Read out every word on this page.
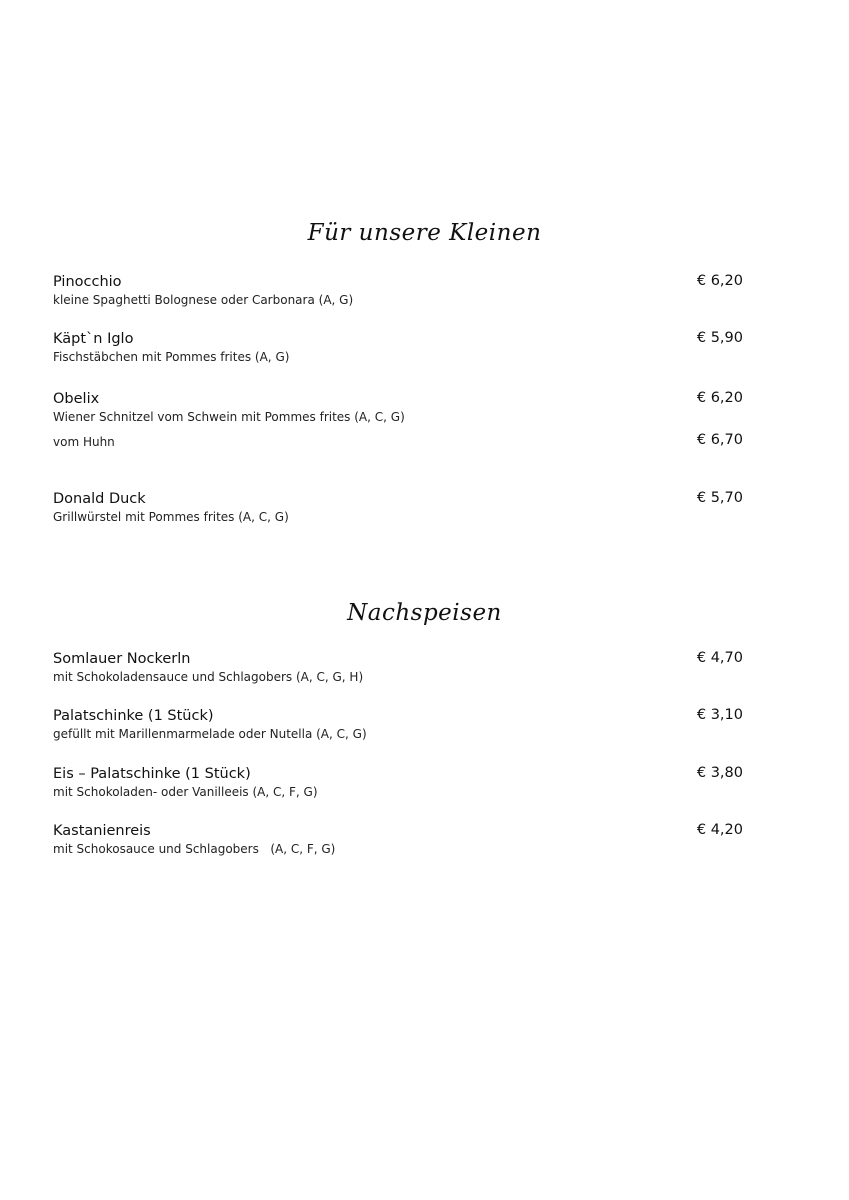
Für unsere Kleinen
Pinocchio	€ 6,20
kleine Spaghetti Bolognese oder Carbonara (A, G)
Käpt`n Iglo	€ 5,90
Fischstäbchen mit Pommes frites (A, G)
Obelix	€ 6,20
Wiener Schnitzel vom Schwein mit Pommes frites (A, C, G)
vom Huhn	€ 6,70
Donald Duck	€ 5,70
Grillwürstel mit Pommes frites (A, C, G)
Nachspeisen
Somlauer Nockerln	€ 4,70
mit Schokoladensauce und Schlagobers (A, C, G, H)
Palatschinke (1 Stück)	€ 3,10
gefüllt mit Marillenmarmelade oder Nutella (A, C, G)
Eis – Palatschinke (1 Stück)	€ 3,80
mit Schokoladen- oder Vanilleeis (A, C, F, G)
Kastanienreis	€ 4,20
mit Schokosauce und Schlagobers   (A, C, F, G)
